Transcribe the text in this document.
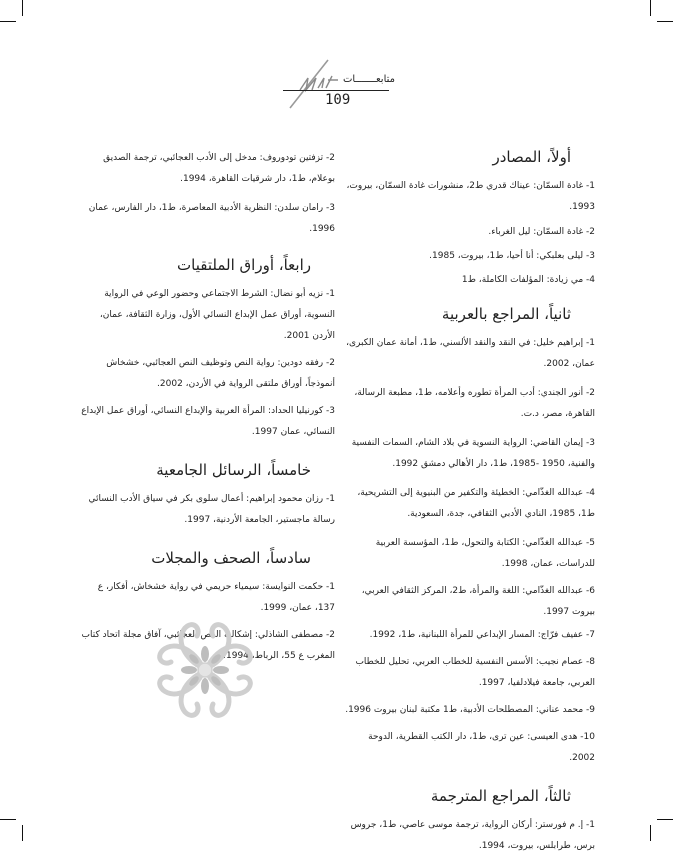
متابعـــــــات
109
أولاً، المصادر

1- غادة السمّان: عيناك قدري ط2، منشورات غادة السمّان، بيروت، 1993.

2- غادة السمّان: ليل الغرباء.

3- ليلى بعلبكي: أنا أحيا، ط1، بيروت، 1985.

4- مي زيادة: المؤلفات الكاملة، ط1

ثانياً، المراجع بالعربية

1- إبراهيم خليل: في النقد والنقد الألسني، ط1، أمانة عمان الكبرى، عمان، 2002.

2- أنور الجندي: أدب المرأة تطوره وأعلامه، ط1، مطبعة الرسالة، القاهرة، مصر، د.ت.

3- إيمان القاضي: الرواية النسوية في بلاد الشام، السمات النفسية والفنية، 1950 -1985، ط1، دار الأهالي دمشق 1992.

4- عبدالله الغذّامي: الخطيئة والتكفير من البنيوية إلى التشريحية، ط1، 1985، النادي الأدبي الثقافي، جدة، السعودية.

5- عبدالله الغذّامي: الكتابة والتحول، ط1، المؤسسة العربية للدراسات، عمان، 1998.

6- عبدالله الغذّامي: اللغة والمرأة، ط2، المركز الثقافي العربي، بيروت 1997.

7- عفيف فرّاج: المسار الإبداعي للمرأة اللبنانية، ط1، 1992.

8- عصام نجيب: الأسس النفسية للخطاب العربي، تحليل للخطاب العربي، جامعة فيلادلفيا، 1997.

9- محمد عناني: المصطلحات الأدبية، ط1 مكتبة لبنان بيروت 1996.

10- هدى العيسى: عين ترى، ط1، دار الكتب القطرية، الدوحة 2002.

ثالثاً، المراجع المترجمة

1- إ. م فورستر: أركان الرواية، ترجمة موسى عاصي، ط1، جروس برس، طرابلس، بيروت، 1994.

2- تزفتين تودوروف: مدخل إلى الأدب العجائبي، ترجمة الصديق بوعلام، ط1، دار شرقيات القاهرة، 1994.

3- رامان سلدن: النظرية الأدبية المعاصرة، ط1، دار الفارس، عمان 1996.

رابعاً، أوراق الملتقيات

1- نزيه أبو نضال: الشرط الاجتماعي وحضور الوعي في الرواية النسوية، أوراق عمل الإبداع النسائي الأول، وزارة الثقافة، عمان، الأردن 2001.

2- رفقه دودين: رواية النص وتوظيف النص العجائبي، خشخاش أنموذجاً، أوراق ملتقى الرواية في الأردن، 2002.

3- كورنيليا الحداد: المرأة العربية والإبداع النسائي، أوراق عمل الإبداع النسائي، عمان 1997.

خامساً، الرسائل الجامعية

1- رزان محمود إبراهيم: أعمال سلوى بكر في سياق الأدب النسائي رسالة ماجستير، الجامعة الأردنية، 1997.

سادساً، الصحف والمجلات

1- حكمت النوايسة: سيمياء حريمي في رواية خشخاش، أفكار، ع 137، عمان، 1999.

2- مصطفى الشاذلي: إشكالية القص العجائبي، آفاق مجلة اتحاد كتاب المغرب ع 55، الرباط، 1994.
